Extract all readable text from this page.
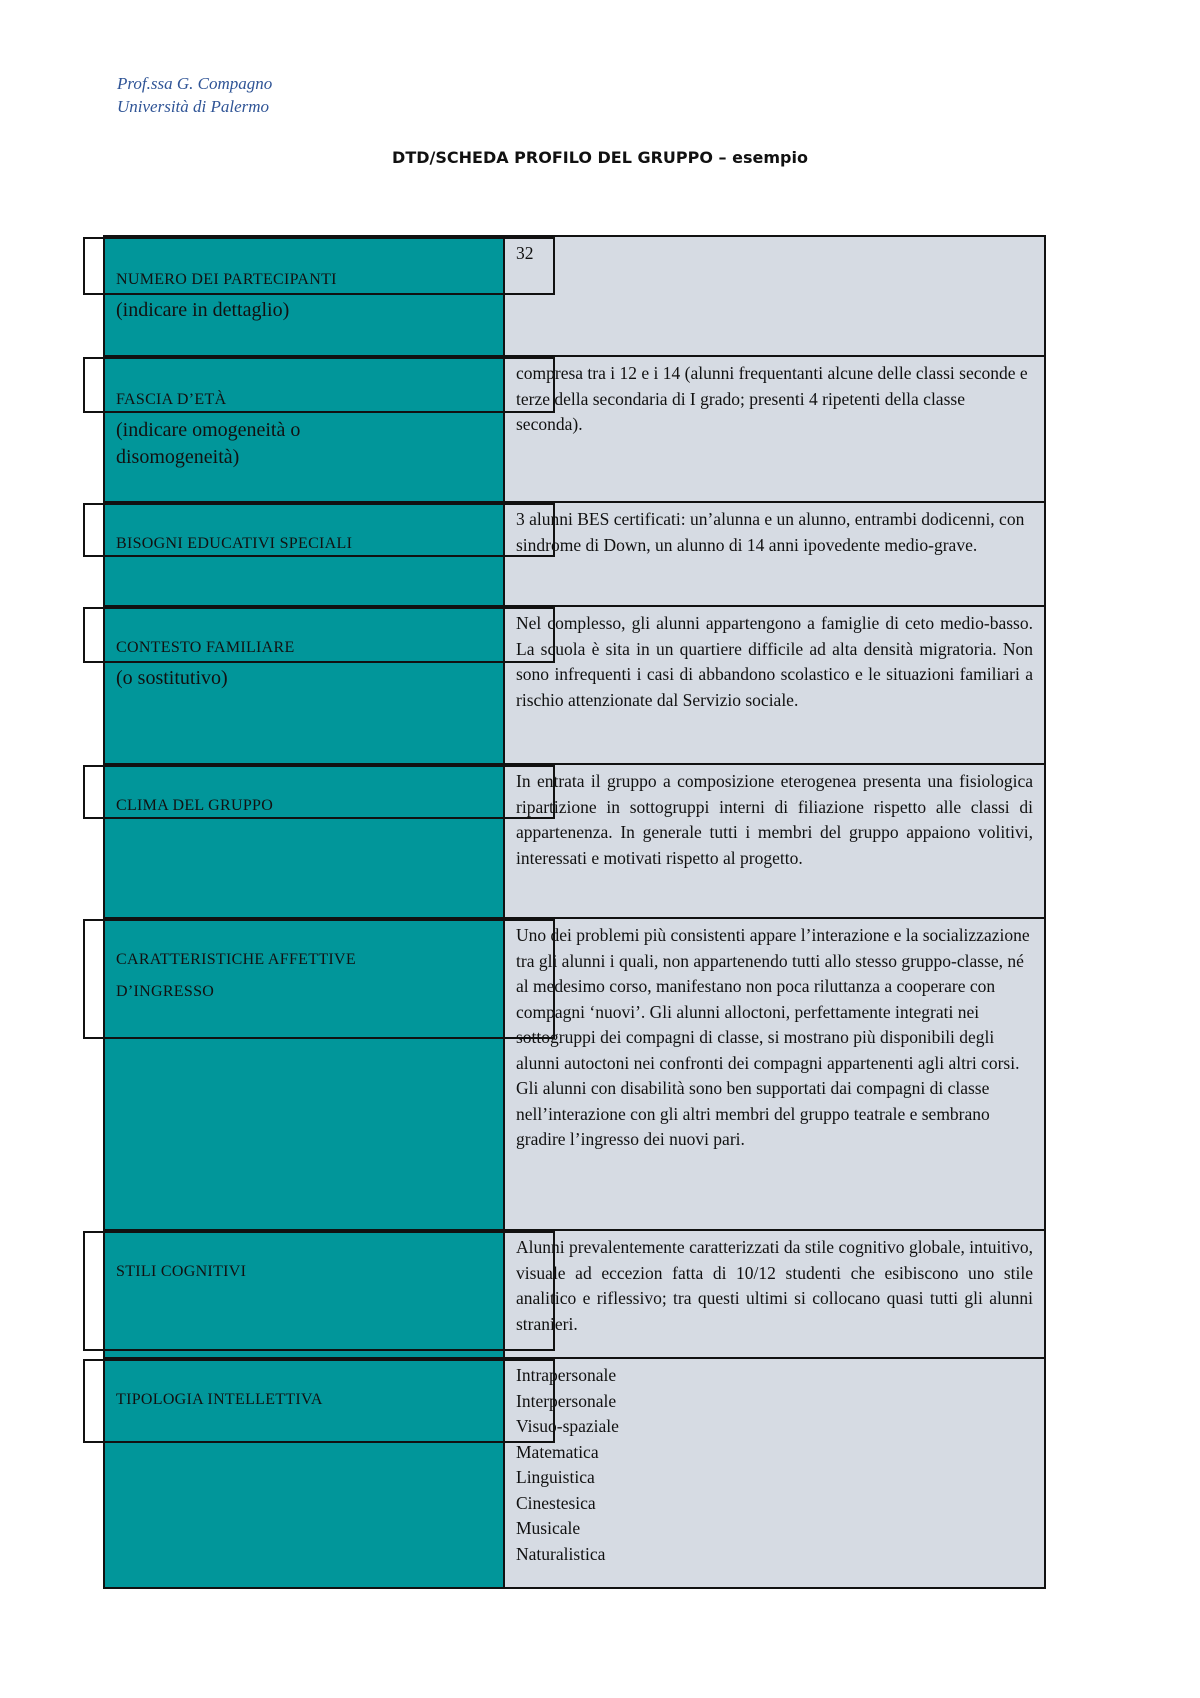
Prof.ssa G. Compagno
Università di Palermo
DTD/SCHEDA PROFILO DEL GRUPPO – esempio
NUMERO DEI PARTECIPANTI
(indicare in dettaglio)
32
FASCIA D’ETÀ
(indicare omogeneità o disomogeneità)
compresa tra i 12 e i 14 (alunni frequentanti alcune delle classi seconde e terze della secondaria di I grado; presenti 4 ripetenti della classe seconda).
BISOGNI EDUCATIVI SPECIALI
3 alunni BES certificati: un’alunna e un alunno, entrambi dodicenni, con sindrome di Down, un alunno di 14 anni ipovedente medio-grave.
CONTESTO FAMILIARE
(o sostitutivo)
Nel complesso, gli alunni appartengono a famiglie di ceto medio-basso. La scuola è sita in un quartiere difficile ad alta densità migratoria. Non sono infrequenti i casi di abbandono scolastico e le situazioni familiari a rischio attenzionate dal Servizio sociale.
CLIMA DEL GRUPPO
In entrata il gruppo a composizione eterogenea presenta una fisiologica ripartizione in sottogruppi interni di filiazione rispetto alle classi di appartenenza. In generale tutti i membri del gruppo appaiono volitivi, interessati e motivati rispetto al progetto.
CARATTERISTICHE AFFETTIVE
D’INGRESSO
Uno dei problemi più consistenti appare l’interazione e la socializzazione tra gli alunni i quali, non appartenendo tutti allo stesso gruppo-classe, né al medesimo corso, manifestano non poca riluttanza a cooperare con compagni ‘nuovi’. Gli alunni alloctoni, perfettamente integrati nei sottogruppi dei compagni di classe, si mostrano più disponibili degli alunni autoctoni nei confronti dei compagni appartenenti agli altri corsi. Gli alunni con disabilità sono ben supportati dai compagni di classe nell’interazione con gli altri membri del gruppo teatrale e sembrano gradire l’ingresso dei nuovi pari.
STILI COGNITIVI
Alunni prevalentemente caratterizzati da stile cognitivo globale, intuitivo, visuale ad eccezion fatta di 10/12 studenti che esibiscono uno stile analitico e riflessivo; tra questi ultimi si collocano quasi tutti gli alunni stranieri.
TIPOLOGIA INTELLETTIVA
Intrapersonale
Interpersonale
Visuo-spaziale
Matematica
Linguistica
Cinestesica
Musicale
Naturalistica
